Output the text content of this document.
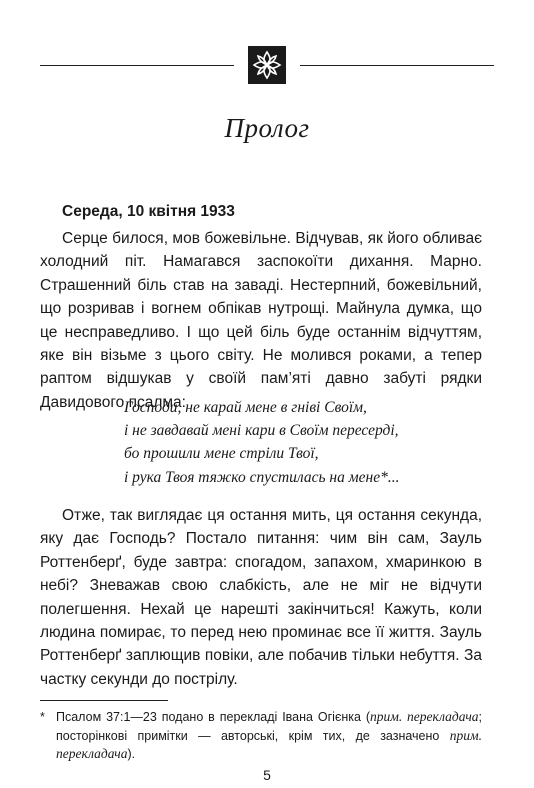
Пролог
Середа, 10 квітня 1933

Серце билося, мов божевільне. Відчував, як його обливає холодний піт. Намагався заспокоїти дихання. Марно. Страшенний біль став на заваді. Нестерпний, божевільний, що розривав і вогнем обпікав нутрощі. Майнула думка, що це несправедливо. І що цей біль буде останнім відчуттям, яке він візьме з цього світу. Не молився роками, а тепер раптом відшукав у своїй пам’яті давно забуті рядки Давидового псалма:

Господи, не карай мене в гніві Своїм,
і не завдавай мені кари в Своїм пересерді,
бо прошили мене стріли Твої,
і рука Твоя тяжко спустилась на мене*...

Отже, так виглядає ця остання мить, ця остання секунда, яку дає Господь? Постало питання: чим він сам, Зауль Роттенберґ, буде завтра: спогадом, запахом, хмаринкою в небі? Зневажав свою слабкість, але не міг не відчути полегшення. Нехай це нарешті закінчиться! Кажуть, коли людина помирає, то перед нею проминає все її життя. Зауль Роттенберґ заплющив повіки, але побачив тільки небуття. За частку секунди до пострілу.

* Псалом 37:1—23 подано в перекладі Івана Огієнка (прим. перекладача; посторінкові примітки — авторські, крім тих, де зазначено прим. перекладача).
5
